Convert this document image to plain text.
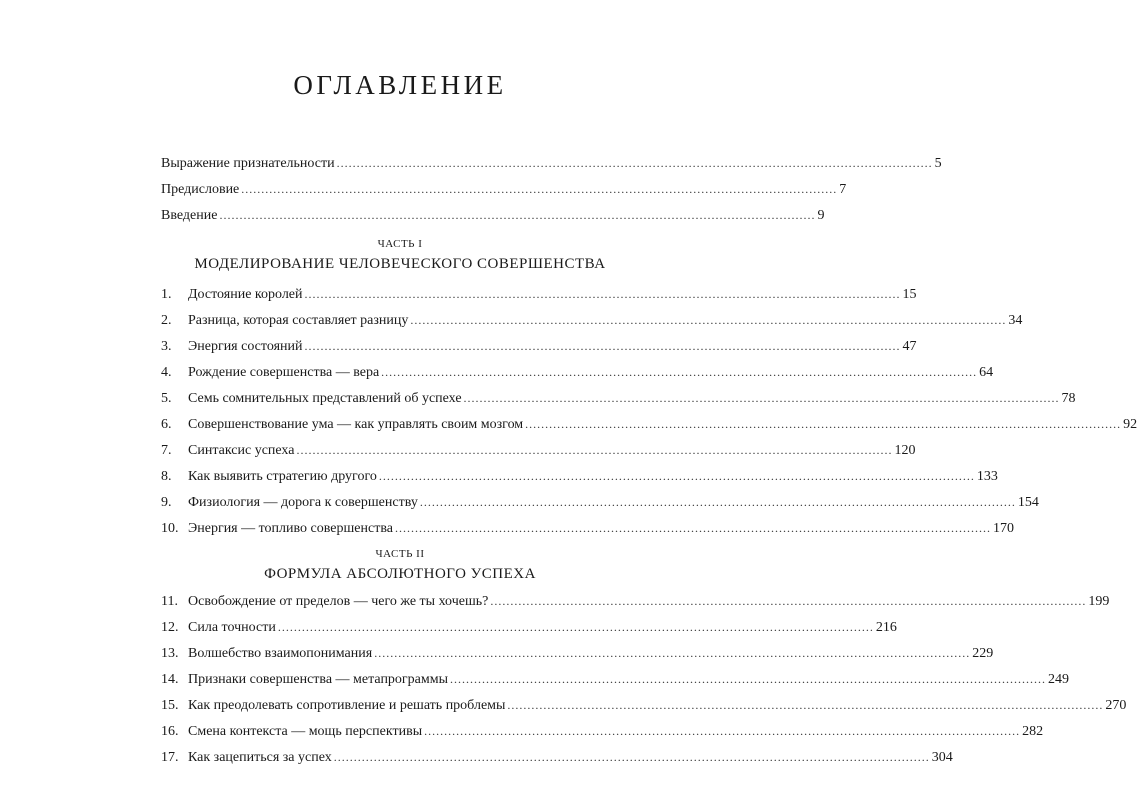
ОГЛАВЛЕНИЕ
Выражение признательности ..................................................................................................................................................... 5
Предисловие ..................................................................................................................................................... 7
Введение ..................................................................................................................................................... 9
ЧАСТЬ I
МОДЕЛИРОВАНИЕ ЧЕЛОВЕЧЕСКОГО СОВЕРШЕНСТВА
1.	Достояние королей ..................................................................................................................................................... 15
2.	Разница, которая составляет разницу ..................................................................................................................................................... 34
3.	Энергия состояний ..................................................................................................................................................... 47
4.	Рождение совершенства — вера ..................................................................................................................................................... 64
5.	Семь сомнительных представлений об успехе ..................................................................................................................................................... 78
6.	Совершенствование ума — как управлять своим мозгом ..................................................................................................................................................... 92
7.	Синтаксис успеха ..................................................................................................................................................... 120
8.	Как выявить стратегию другого ..................................................................................................................................................... 133
9.	Физиология — дорога к совершенству ..................................................................................................................................................... 154
10. Энергия — топливо совершенства ..................................................................................................................................................... 170
ЧАСТЬ II
ФОРМУЛА АБСОЛЮТНОГО УСПЕХА
11. Освобождение от пределов — чего же ты хочешь? ..................................................................................................................................................... 199
12. Сила точности ..................................................................................................................................................... 216
13. Волшебство взаимопонимания ..................................................................................................................................................... 229
14. Признаки совершенства — метапрограммы ..................................................................................................................................................... 249
15. Как преодолевать сопротивление и решать проблемы ..................................................................................................................................................... 270
16. Смена контекста — мощь перспективы ..................................................................................................................................................... 282
17. Как зацепиться за успех ..................................................................................................................................................... 304
